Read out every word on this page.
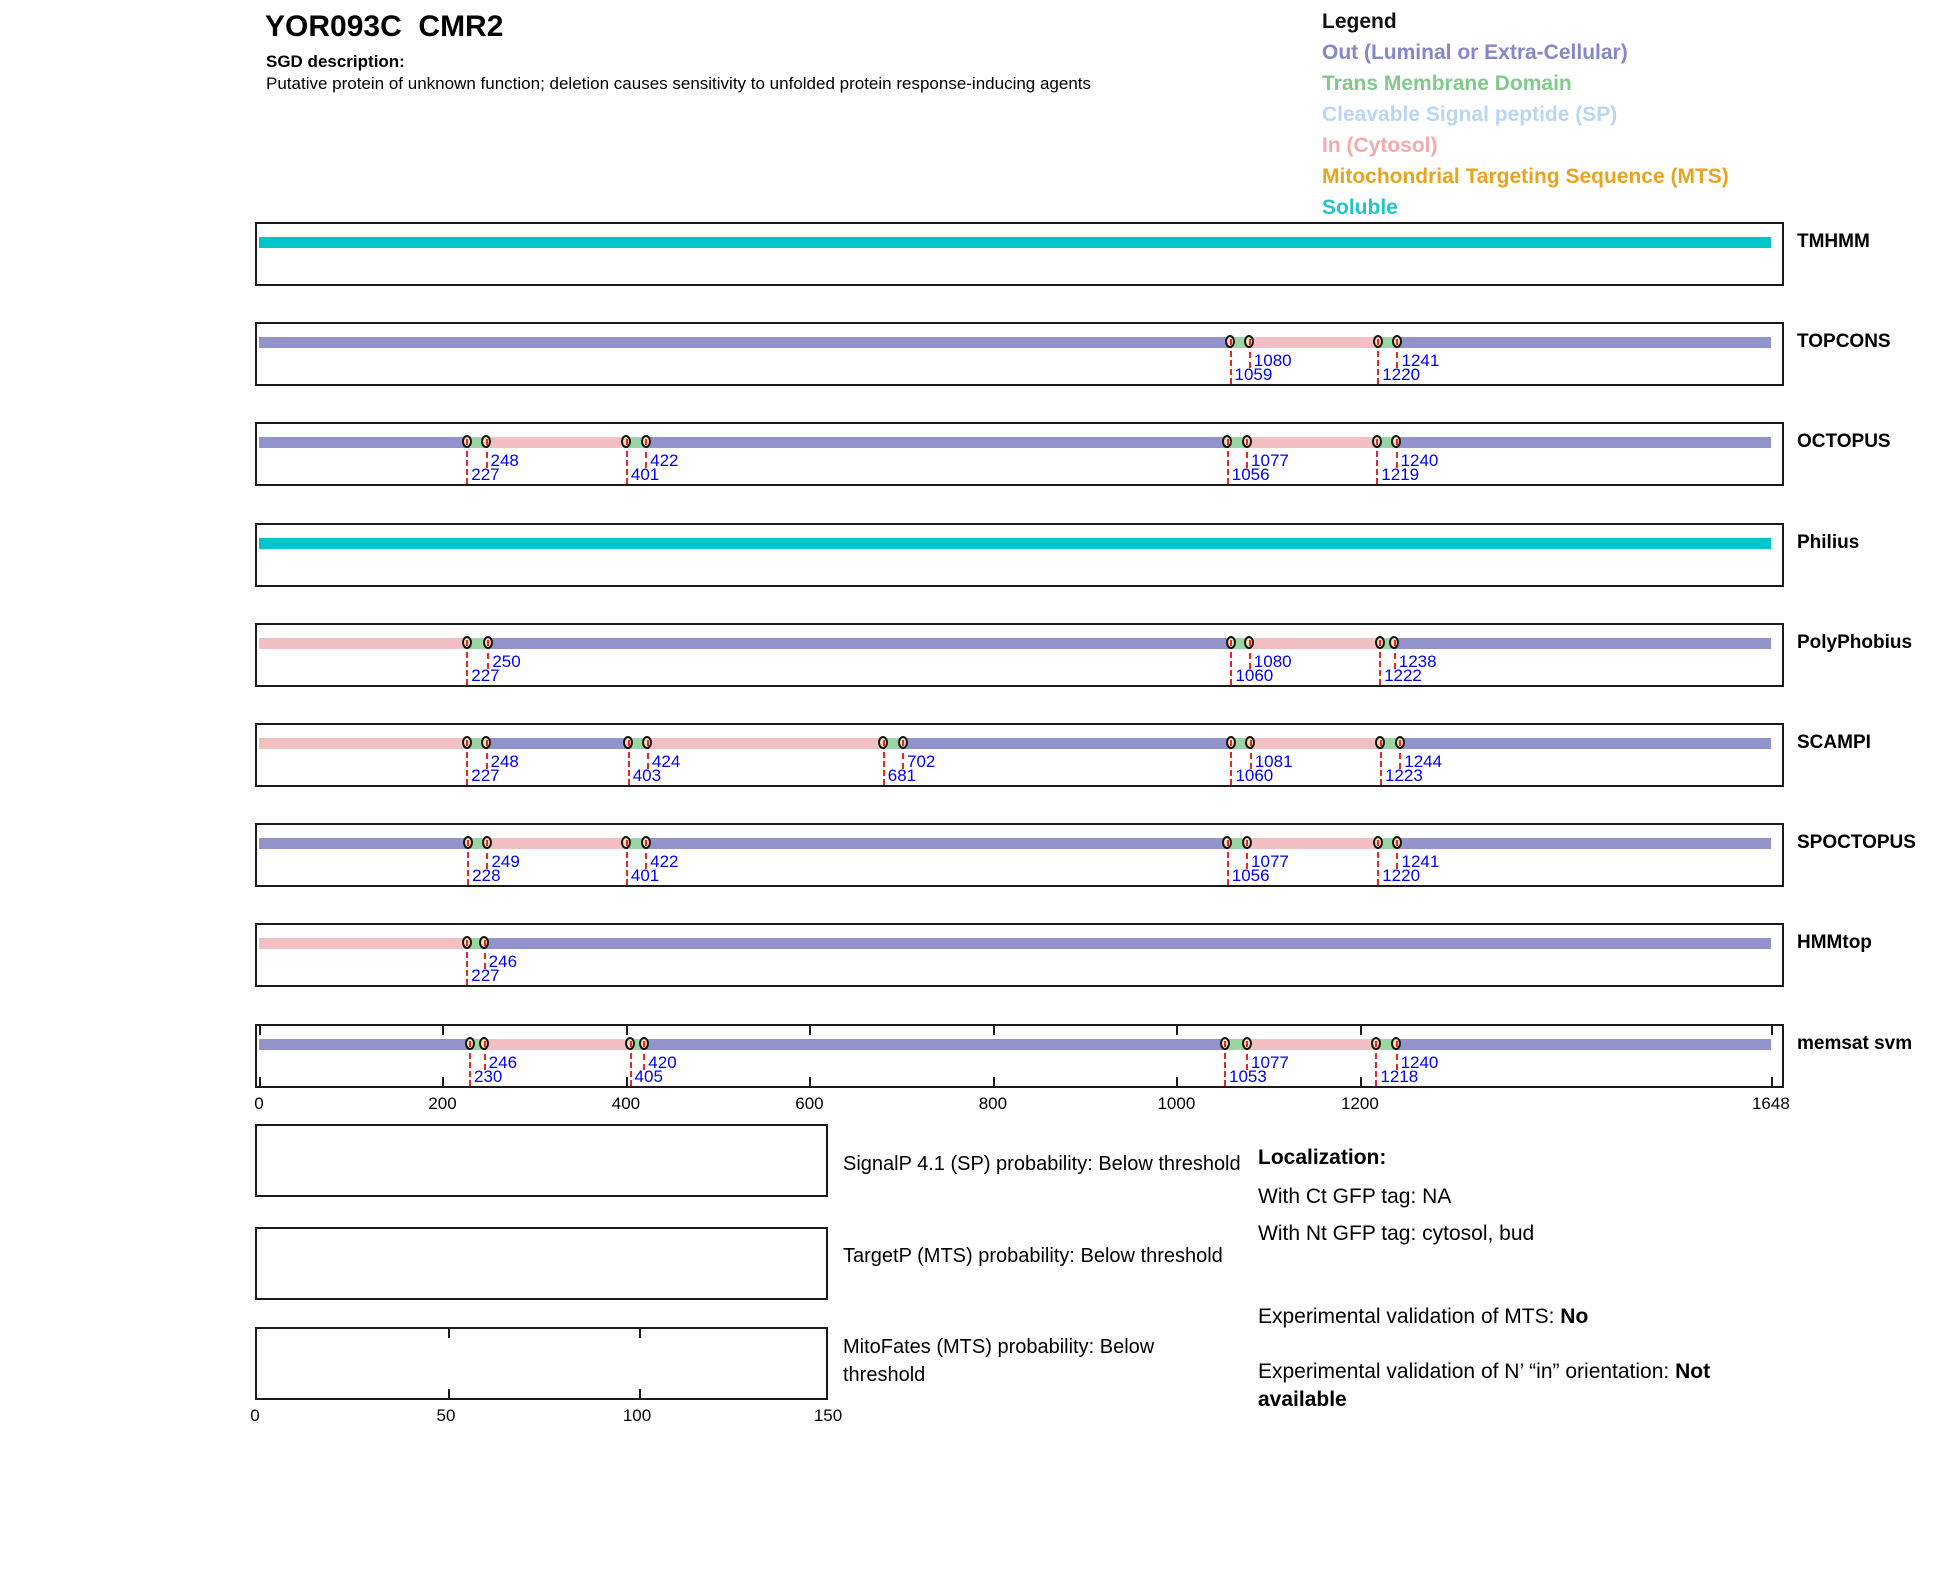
YOR093C  CMR2
SGD description:
Putative protein of unknown function; deletion causes sensitivity to unfolded protein response-inducing agents
Legend
Out (Luminal or Extra-Cellular)
Trans Membrane Domain
Cleavable Signal peptide (SP)
In (Cytosol)
Mitochondrial Targeting Sequence (MTS)
Soluble
TMHMM
TOPCONS
1059
1080
1220
1241
OCTOPUS
227
248
401
422
1056
1077
1219
1240
Philius
PolyPhobius
227
250
1060
1080
1222
1238
SCAMPI
227
248
403
424
681
702
1060
1081
1223
1244
SPOCTOPUS
228
249
401
422
1056
1077
1220
1241
HMMtop
227
246
memsat svm
230
246
405
420
1053
1077
1218
1240
0	200	400	600	800	1000	1200	1648
SignalP 4.1 (SP) probability: Below threshold
TargetP (MTS) probability: Below threshold
MitoFates (MTS) probability: Below threshold
0	50	100	150
Localization:
With Ct GFP tag: NA
With Nt GFP tag: cytosol, bud
Experimental validation of MTS: No
Experimental validation of N’ “in” orientation: Not available
